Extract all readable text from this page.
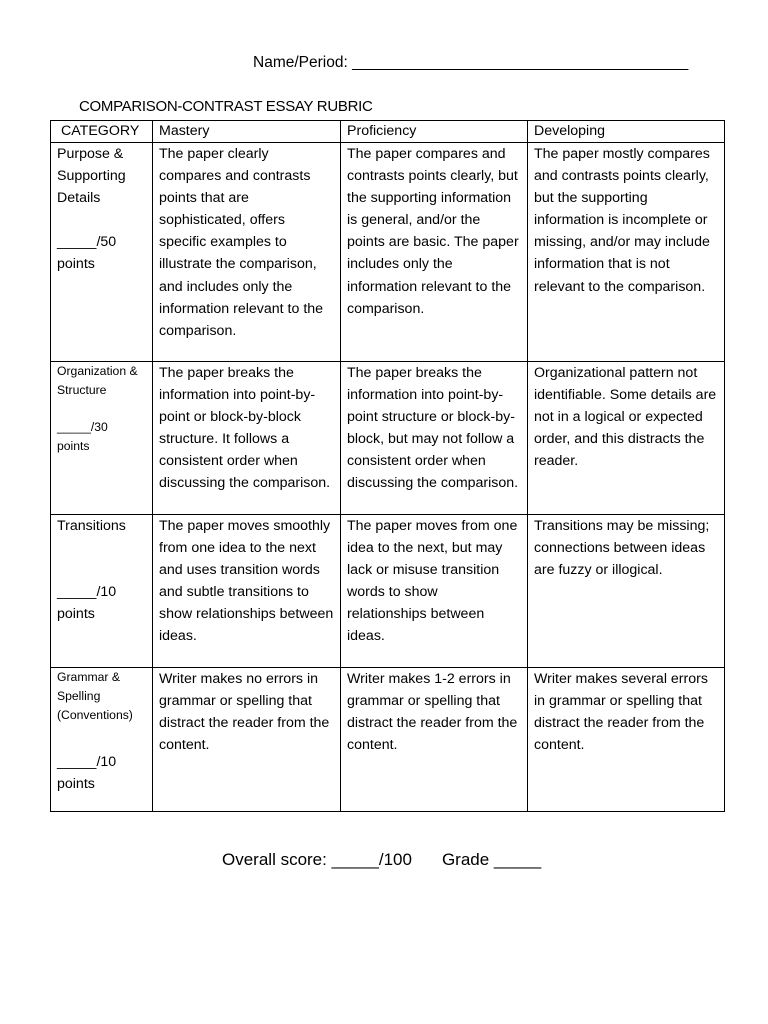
Name/Period: _______________________________________
COMPARISON-CONTRAST ESSAY RUBRIC
CATEGORY	Mastery	Proficiency	Developing

Purpose & Supporting Details
_____/50
points	The paper clearly compares and contrasts points that are sophisticated, offers specific examples to illustrate the comparison, and includes only the information relevant to the comparison.	The paper compares and contrasts points clearly, but the supporting information is general, and/or the points are basic. The paper includes only the information relevant to the comparison.	The paper mostly compares and contrasts points clearly, but the supporting information is incomplete or missing, and/or may include information that is not relevant to the comparison.

Organization & Structure
_____/30
points	The paper breaks the information into point-by-point or block-by-block structure. It follows a consistent order when discussing the comparison.	The paper breaks the information into point-by-point structure or block-by-block, but may not follow a consistent order when discussing the comparison.	Organizational pattern not identifiable. Some details are not in a logical or expected order, and this distracts the reader.

Transitions
_____/10
points	The paper moves smoothly from one idea to the next and uses transition words and subtle transitions to show relationships between ideas.	The paper moves from one idea to the next, but may lack or misuse transition words to show relationships between ideas.	Transitions may be missing; connections between ideas are fuzzy or illogical.

Grammar & Spelling (Conventions)
_____/10
points	Writer makes no errors in grammar or spelling that distract the reader from the content.	Writer makes 1-2 errors in grammar or spelling that distract the reader from the content.	Writer makes several errors in grammar or spelling that distract the reader from the content.
Overall score: _____/100 Grade _____
